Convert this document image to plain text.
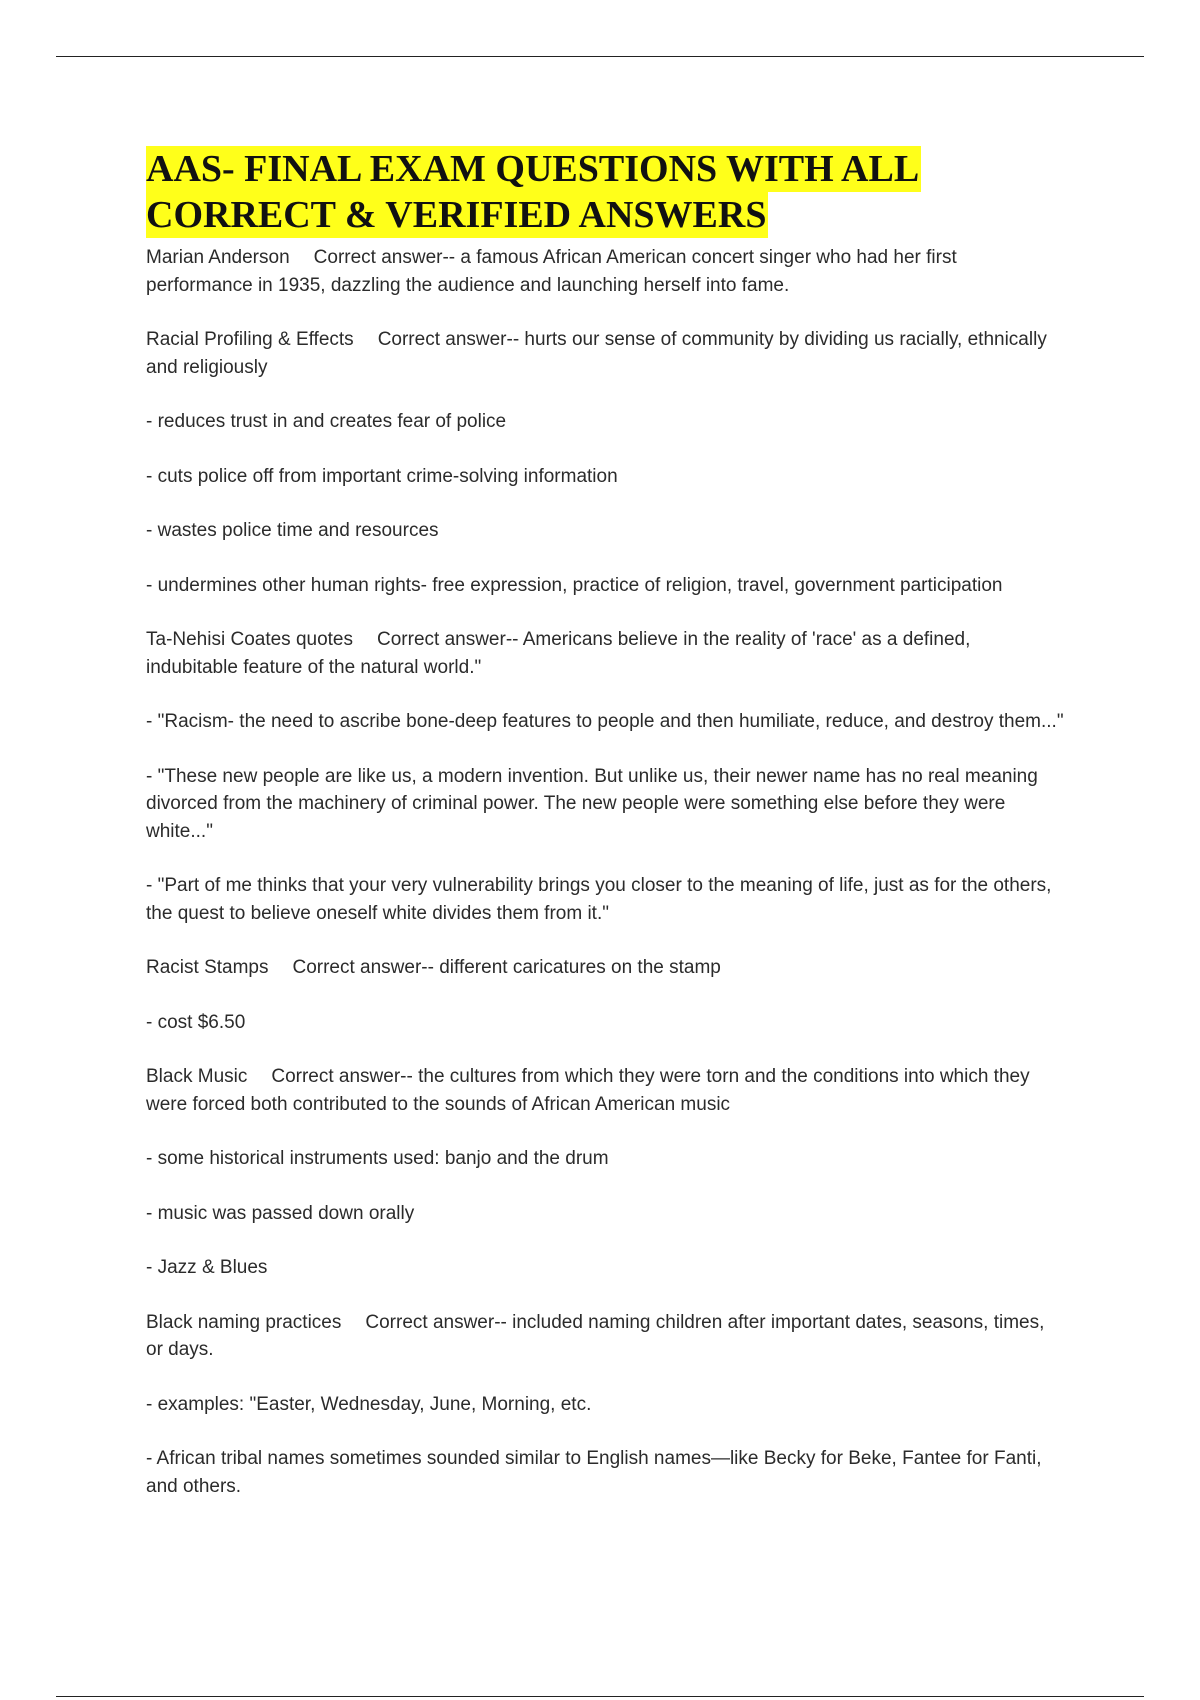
AAS- FINAL EXAM QUESTIONS WITH ALL
CORRECT & VERIFIED ANSWERS
Marian Anderson Correct answer-- a famous African American concert singer who had her first performance in 1935, dazzling the audience and launching herself into fame.
Racial Profiling & Effects Correct answer-- hurts our sense of community by dividing us racially, ethnically and religiously
- reduces trust in and creates fear of police
- cuts police off from important crime-solving information
- wastes police time and resources
- undermines other human rights- free expression, practice of religion, travel, government participation
Ta-Nehisi Coates quotes Correct answer-- Americans believe in the reality of 'race' as a defined, indubitable feature of the natural world."
- "Racism- the need to ascribe bone-deep features to people and then humiliate, reduce, and destroy them..."
- "These new people are like us, a modern invention. But unlike us, their newer name has no real meaning divorced from the machinery of criminal power. The new people were something else before they were white..."
- "Part of me thinks that your very vulnerability brings you closer to the meaning of life, just as for the others, the quest to believe oneself white divides them from it."
Racist Stamps Correct answer-- different caricatures on the stamp
- cost $6.50
Black Music Correct answer-- the cultures from which they were torn and the conditions into which they were forced both contributed to the sounds of African American music
- some historical instruments used: banjo and the drum
- music was passed down orally
- Jazz & Blues
Black naming practices Correct answer-- included naming children after important dates, seasons, times, or days.
- examples: "Easter, Wednesday, June, Morning, etc.
- African tribal names sometimes sounded similar to English names—like Becky for Beke, Fantee for Fanti, and others.
